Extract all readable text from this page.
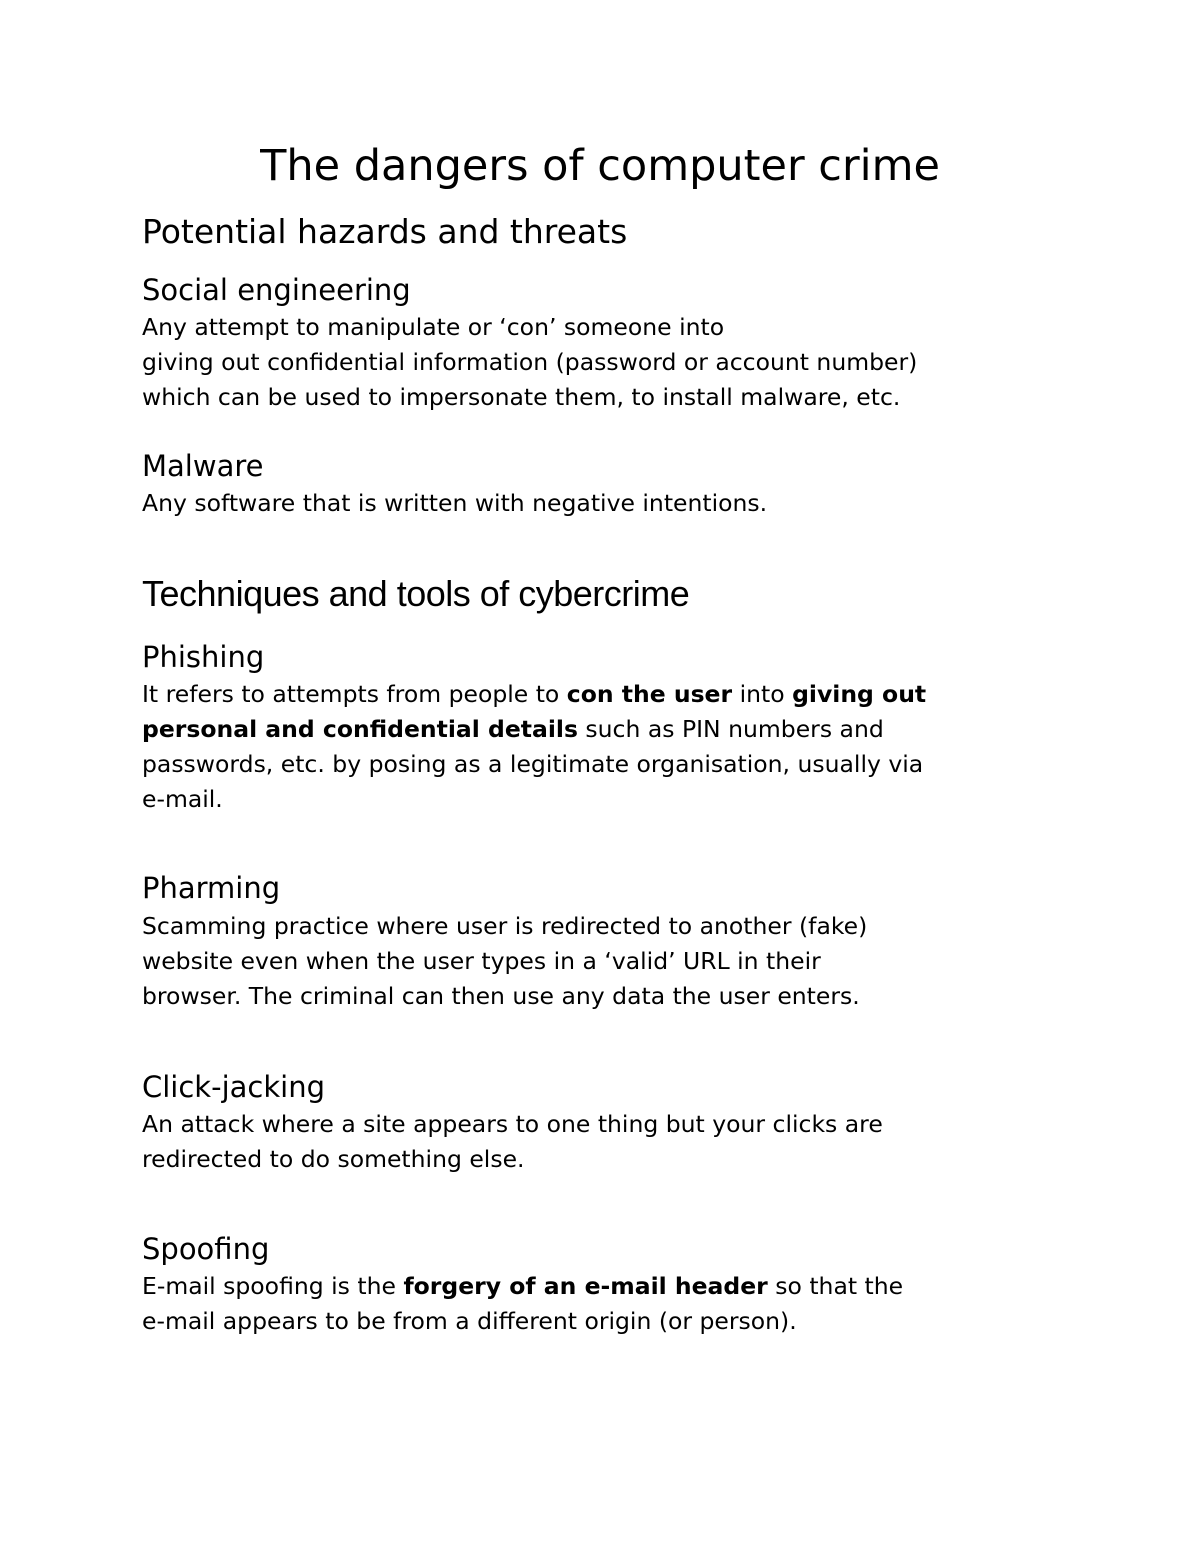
The dangers of computer crime
Potential hazards and threats
Social engineering

Any attempt to manipulate or ‘con’ someone into
giving out confidential information (password or account number)
which can be used to impersonate them, to install malware, etc.

Malware

Any software that is written with negative intentions.

Techniques and tools of cybercrime
Phishing

It refers to attempts from people to con the user into giving out
personal and confidential details such as PIN numbers and
passwords, etc. by posing as a legitimate organisation, usually via
e-mail.

Pharming

Scamming practice where user is redirected to another (fake)
website even when the user types in a ‘valid’ URL in their
browser. The criminal can then use any data the user enters.

Click-jacking

An attack where a site appears to one thing but your clicks are
redirected to do something else.

Spoofing

E-mail spoofing is the forgery of an e-mail header so that the
e-mail appears to be from a different origin (or person).
